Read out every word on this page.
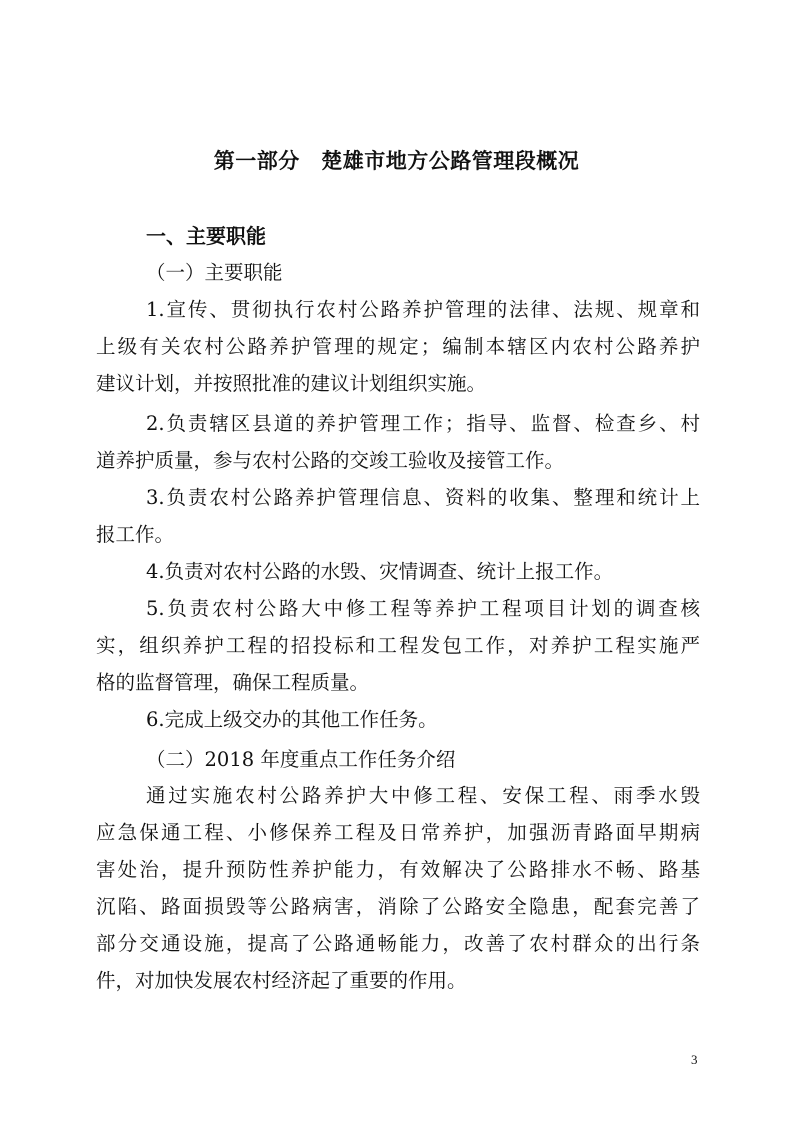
第一部分　楚雄市地方公路管理段概况
一、主要职能
（一）主要职能
1.宣传、贯彻执行农村公路养护管理的法律、法规、规章和
上级有关农村公路养护管理的规定；编制本辖区内农村公路养护
建议计划，并按照批准的建议计划组织实施。
2.负责辖区县道的养护管理工作；指导、监督、检查乡、村
道养护质量，参与农村公路的交竣工验收及接管工作。
3.负责农村公路养护管理信息、资料的收集、整理和统计上
报工作。
4.负责对农村公路的水毁、灾情调查、统计上报工作。
5.负责农村公路大中修工程等养护工程项目计划的调查核
实，组织养护工程的招投标和工程发包工作，对养护工程实施严
格的监督管理，确保工程质量。
6.完成上级交办的其他工作任务。
（二）2018 年度重点工作任务介绍
通过实施农村公路养护大中修工程、安保工程、雨季水毁
应急保通工程、小修保养工程及日常养护，加强沥青路面早期病
害处治，提升预防性养护能力，有效解决了公路排水不畅、路基
沉陷、路面损毁等公路病害，消除了公路安全隐患，配套完善了
部分交通设施，提高了公路通畅能力，改善了农村群众的出行条
件，对加快发展农村经济起了重要的作用。
3
